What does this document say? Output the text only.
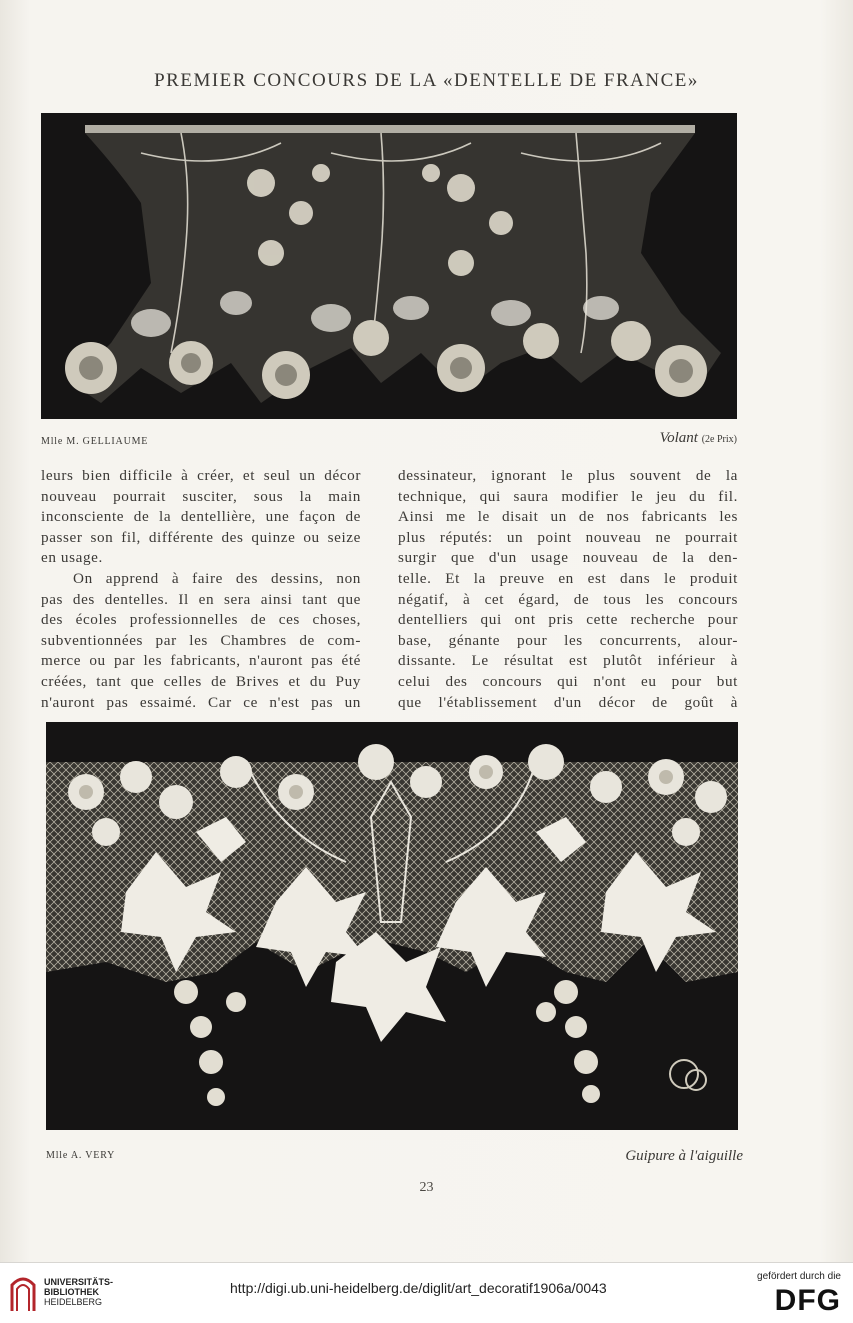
PREMIER CONCOURS DE LA «DENTELLE DE FRANCE»
Mlle M. GELLIAUME	Volant (2e Prix)
leurs bien difficile à créer, et seul un décor
nouveau pourrait susciter, sous la main
inconsciente de la dentellière, une façon de
passer son fil, différente des quinze ou seize
en usage.
On apprend à faire des dessins, non
pas des dentelles. Il en sera ainsi tant que
des écoles professionnelles de ces choses,
subventionnées par les Chambres de com-
merce ou par les fabricants, n'auront pas été
créées, tant que celles de Brives et du Puy
n'auront pas essaimé. Car ce n'est pas un
dessinateur, ignorant le plus souvent de la
technique, qui saura modifier le jeu du fil.
Ainsi me le disait un de nos fabricants les
plus réputés: un point nouveau ne pourrait
surgir que d'un usage nouveau de la den-
telle. Et la preuve en est dans le produit
négatif, à cet égard, de tous les concours
dentelliers qui ont pris cette recherche pour
base, génante pour les concurrents, alour-
dissante. Le résultat est plutôt inférieur à
celui des concours qui n'ont eu pour but
que l'établissement d'un décor de goût à
Mlle A. VERY	Guipure à l'aiguille
23
UNIVERSITÄTS-
BIBLIOTHEK
HEIDELBERG
http://digi.ub.uni-heidelberg.de/diglit/art_decoratif1906a/0043
gefördert durch die
DFG
